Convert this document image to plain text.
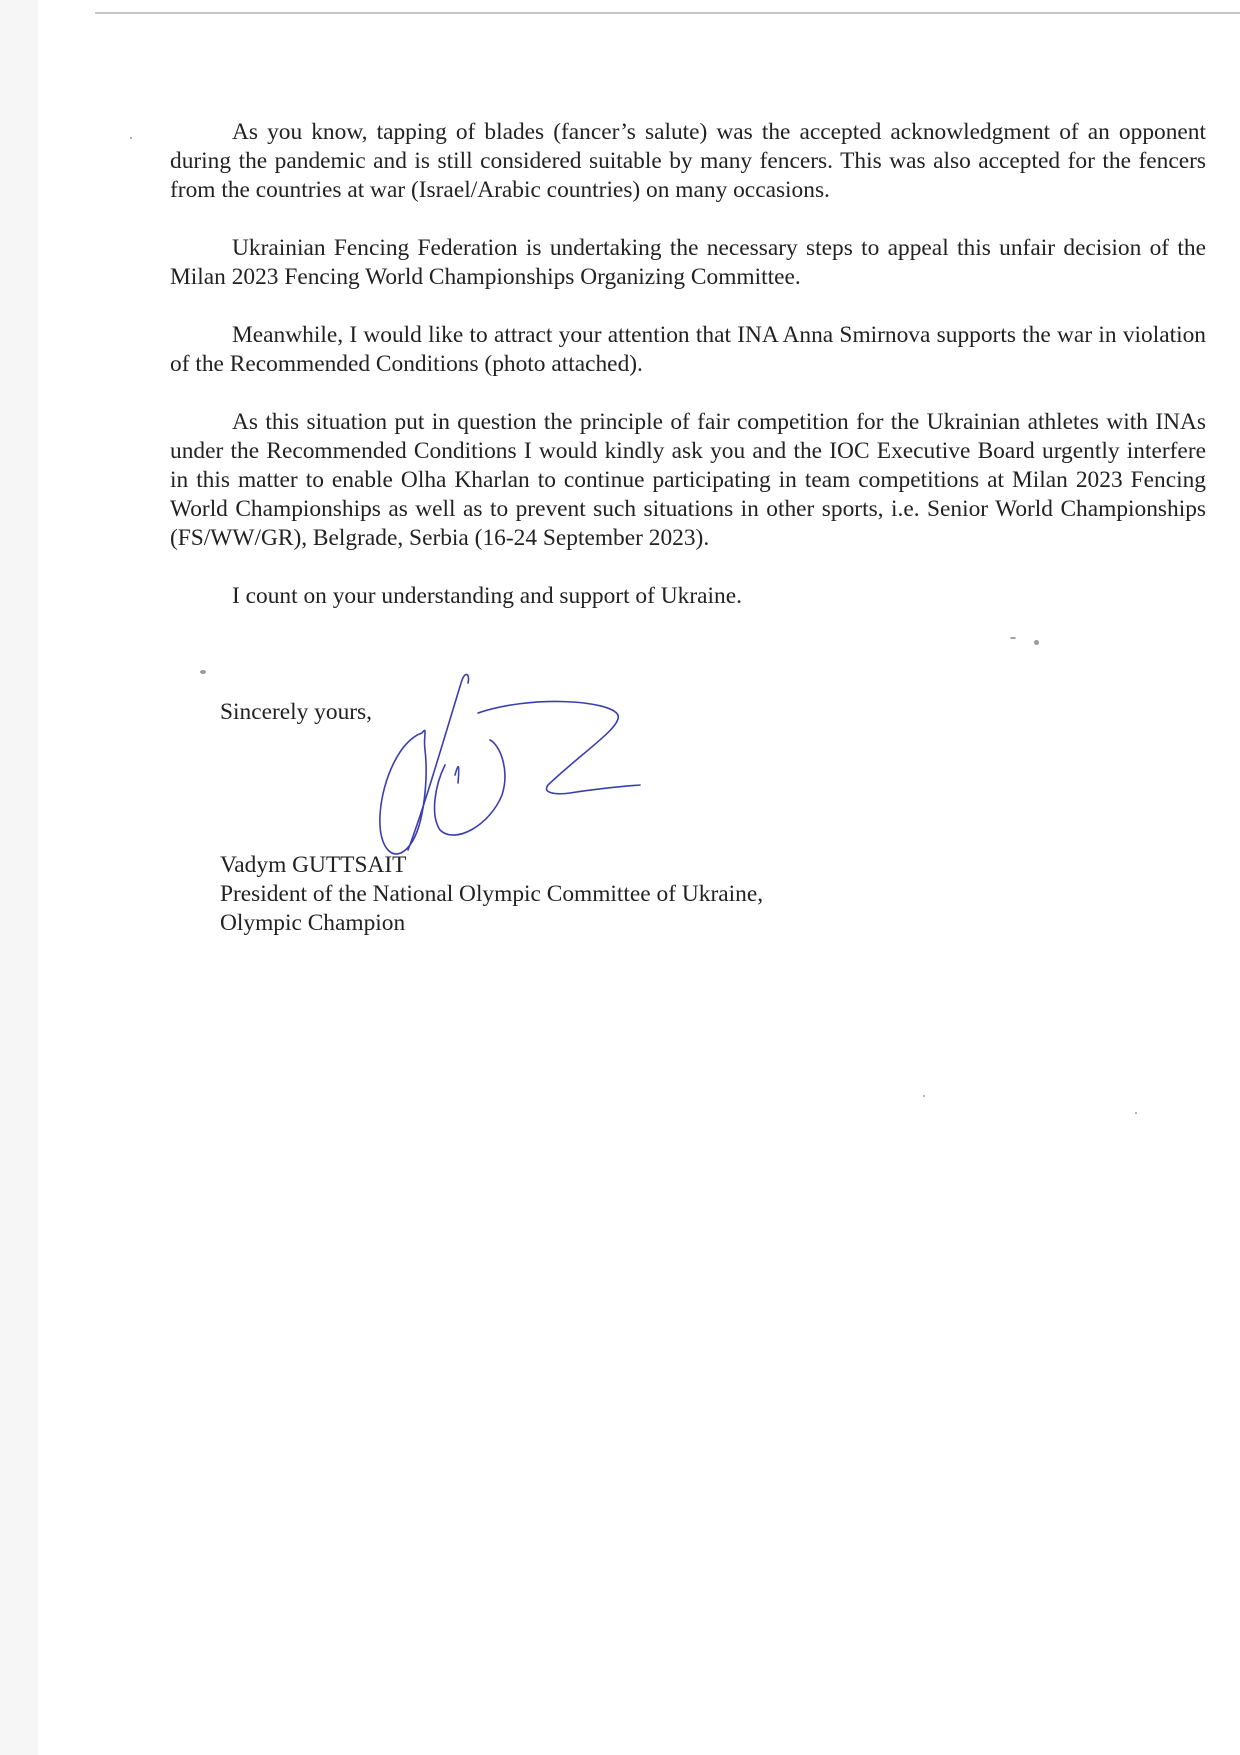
As you know, tapping of blades (fancer’s salute) was the accepted acknowledgment of an opponent during the pandemic and is still considered suitable by many fencers. This was also accepted for the fencers from the countries at war (Israel/Arabic countries) on many occasions.

Ukrainian Fencing Federation is undertaking the necessary steps to appeal this unfair decision of the Milan 2023 Fencing World Championships Organizing Committee.

Meanwhile, I would like to attract your attention that INA Anna Smirnova supports the war in violation of the Recommended Conditions (photo attached).

As this situation put in question the principle of fair competition for the Ukrainian athletes with INAs under the Recommended Conditions I would kindly ask you and the IOC Executive Board urgently interfere in this matter to enable Olha Kharlan to continue participating in team competitions at Milan 2023 Fencing World Championships as well as to prevent such situations in other sports, i.e. Senior World Championships (FS/WW/GR), Belgrade, Serbia (16-24 September 2023).

I count on your understanding and support of Ukraine.

Sincerely yours,
Vadym GUTTSAIT
President of the National Olympic Committee of Ukraine,
Olympic Champion
